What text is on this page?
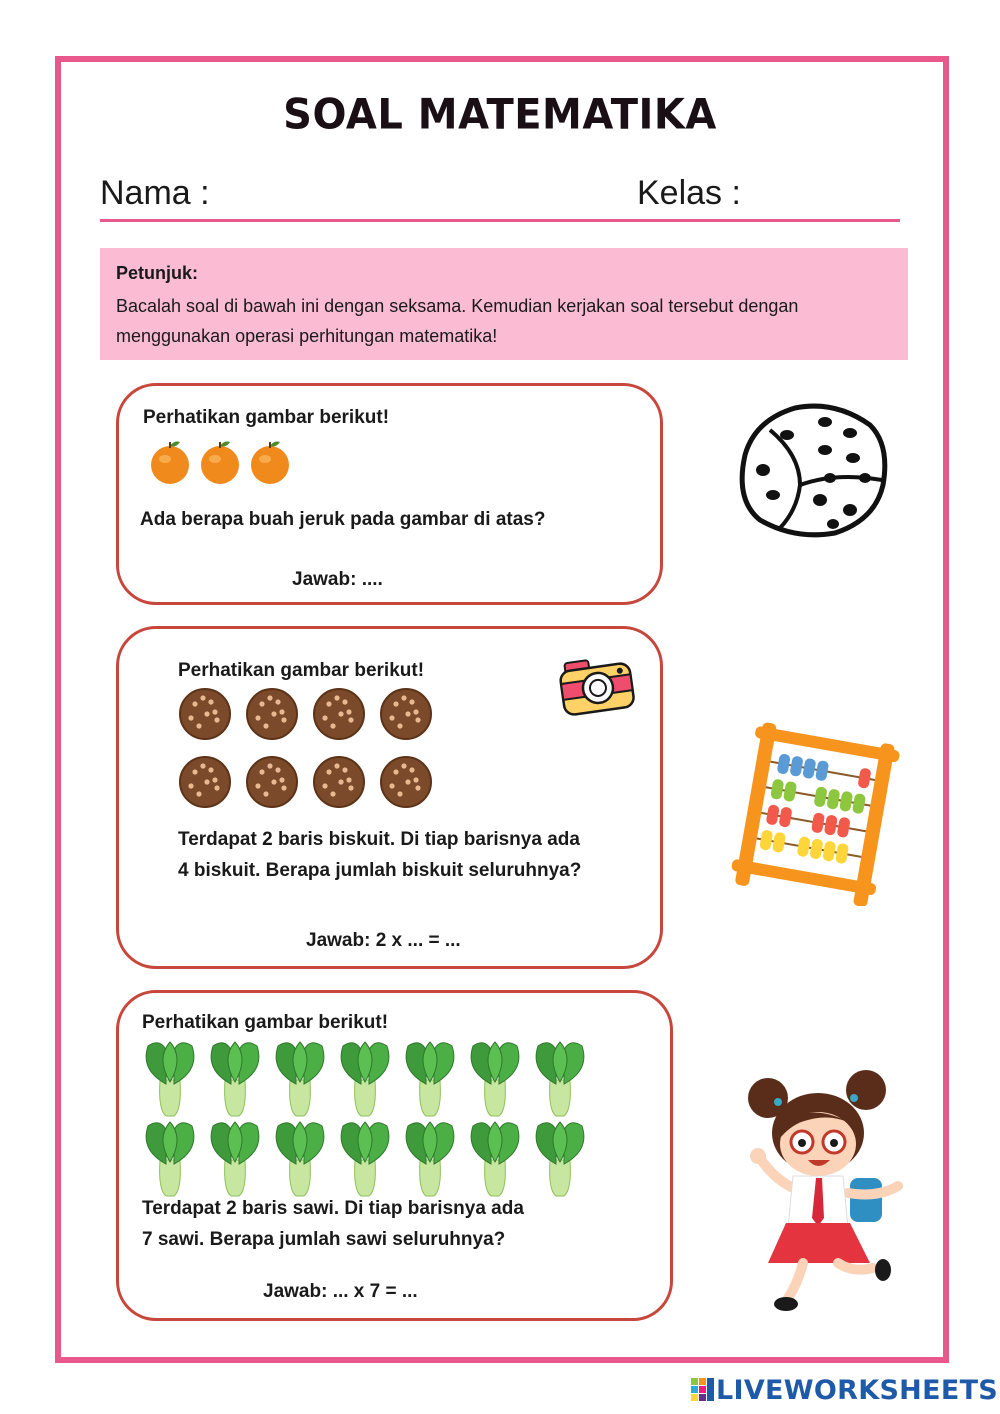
SOAL MATEMATIKA
Nama :	Kelas :
Petunjuk:
Bacalah soal di bawah ini dengan seksama. Kemudian kerjakan soal tersebut dengan menggunakan operasi perhitungan matematika!
Perhatikan gambar berikut!
Ada berapa buah jeruk pada gambar di atas?
Jawab: ....
Perhatikan gambar berikut!
Terdapat 2 baris biskuit. Di tiap barisnya ada
4 biskuit. Berapa jumlah biskuit seluruhnya?
Jawab: 2 x ... = ...
Perhatikan gambar berikut!
Terdapat 2 baris sawi. Di tiap barisnya ada
7 sawi. Berapa jumlah sawi seluruhnya?
Jawab: ... x 7 = ...
LIVEWORKSHEETS
